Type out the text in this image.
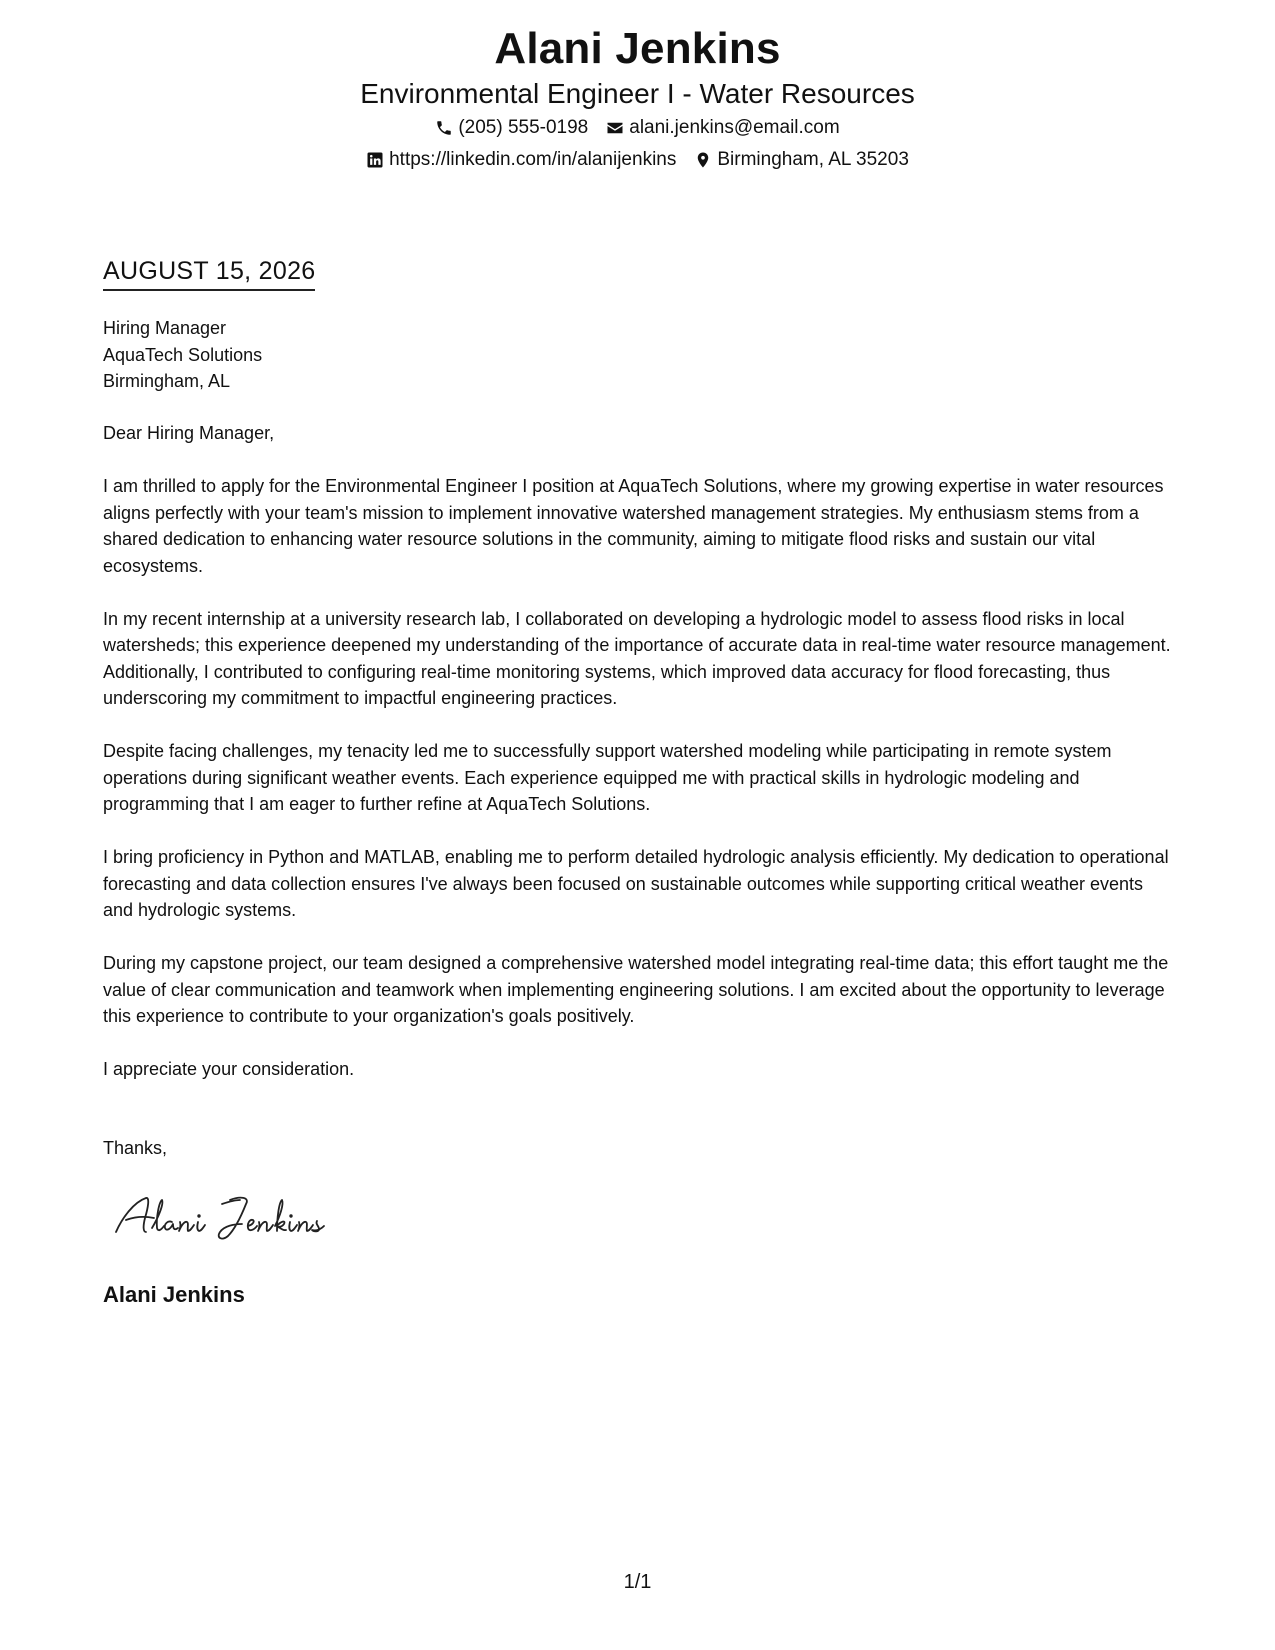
Alani Jenkins
Environmental Engineer I - Water Resources
(205) 555-0198 alani.jenkins@email.com
https://linkedin.com/in/alanijenkins Birmingham, AL 35203
AUGUST 15, 2026
Hiring Manager
AquaTech Solutions
Birmingham, AL

Dear Hiring Manager,

I am thrilled to apply for the Environmental Engineer I position at AquaTech Solutions, where my growing expertise in water resources aligns perfectly with your team's mission to implement innovative watershed management strategies. My enthusiasm stems from a shared dedication to enhancing water resource solutions in the community, aiming to mitigate flood risks and sustain our vital ecosystems.

In my recent internship at a university research lab, I collaborated on developing a hydrologic model to assess flood risks in local watersheds; this experience deepened my understanding of the importance of accurate data in real-time water resource management. Additionally, I contributed to configuring real-time monitoring systems, which improved data accuracy for flood forecasting, thus underscoring my commitment to impactful engineering practices.

Despite facing challenges, my tenacity led me to successfully support watershed modeling while participating in remote system operations during significant weather events. Each experience equipped me with practical skills in hydrologic modeling and programming that I am eager to further refine at AquaTech Solutions.

I bring proficiency in Python and MATLAB, enabling me to perform detailed hydrologic analysis efficiently. My dedication to operational forecasting and data collection ensures I've always been focused on sustainable outcomes while supporting critical weather events and hydrologic systems.

During my capstone project, our team designed a comprehensive watershed model integrating real-time data; this effort taught me the value of clear communication and teamwork when implementing engineering solutions. I am excited about the opportunity to leverage this experience to contribute to your organization's goals positively.

I appreciate your consideration.

Thanks,
Alani Jenkins
1/1
